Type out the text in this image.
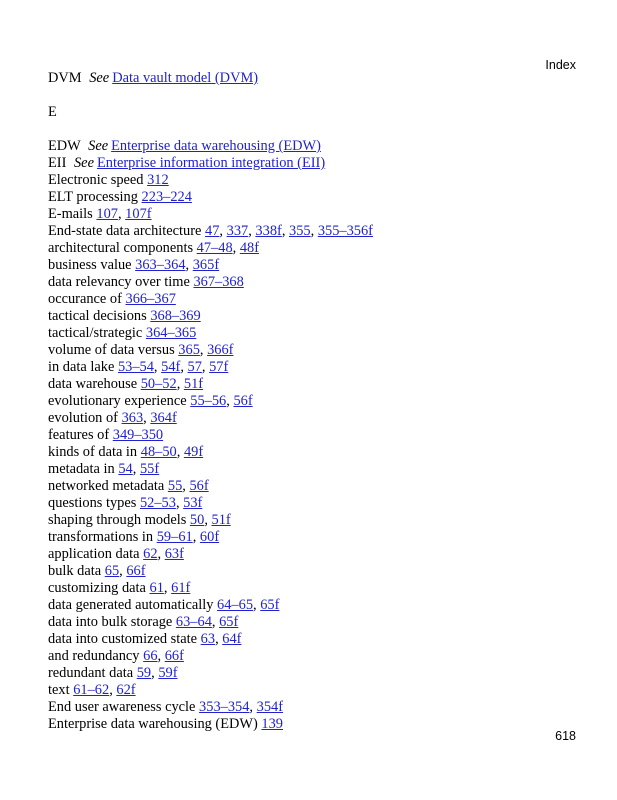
Index
DVM See Data vault model (DVM)
E
EDW See Enterprise data warehousing (EDW)
EII See Enterprise information integration (EII)
Electronic speed 312
ELT processing 223–224
E-mails 107, 107f
End-state data architecture 47, 337, 338f, 355, 355–356f
architectural components 47–48, 48f
business value 363–364, 365f
data relevancy over time 367–368
occurance of 366–367
tactical decisions 368–369
tactical/strategic 364–365
volume of data versus 365, 366f
in data lake 53–54, 54f, 57, 57f
data warehouse 50–52, 51f
evolutionary experience 55–56, 56f
evolution of 363, 364f
features of 349–350
kinds of data in 48–50, 49f
metadata in 54, 55f
networked metadata 55, 56f
questions types 52–53, 53f
shaping through models 50, 51f
transformations in 59–61, 60f
application data 62, 63f
bulk data 65, 66f
customizing data 61, 61f
data generated automatically 64–65, 65f
data into bulk storage 63–64, 65f
data into customized state 63, 64f
and redundancy 66, 66f
redundant data 59, 59f
text 61–62, 62f
End user awareness cycle 353–354, 354f
Enterprise data warehousing (EDW) 139
618
